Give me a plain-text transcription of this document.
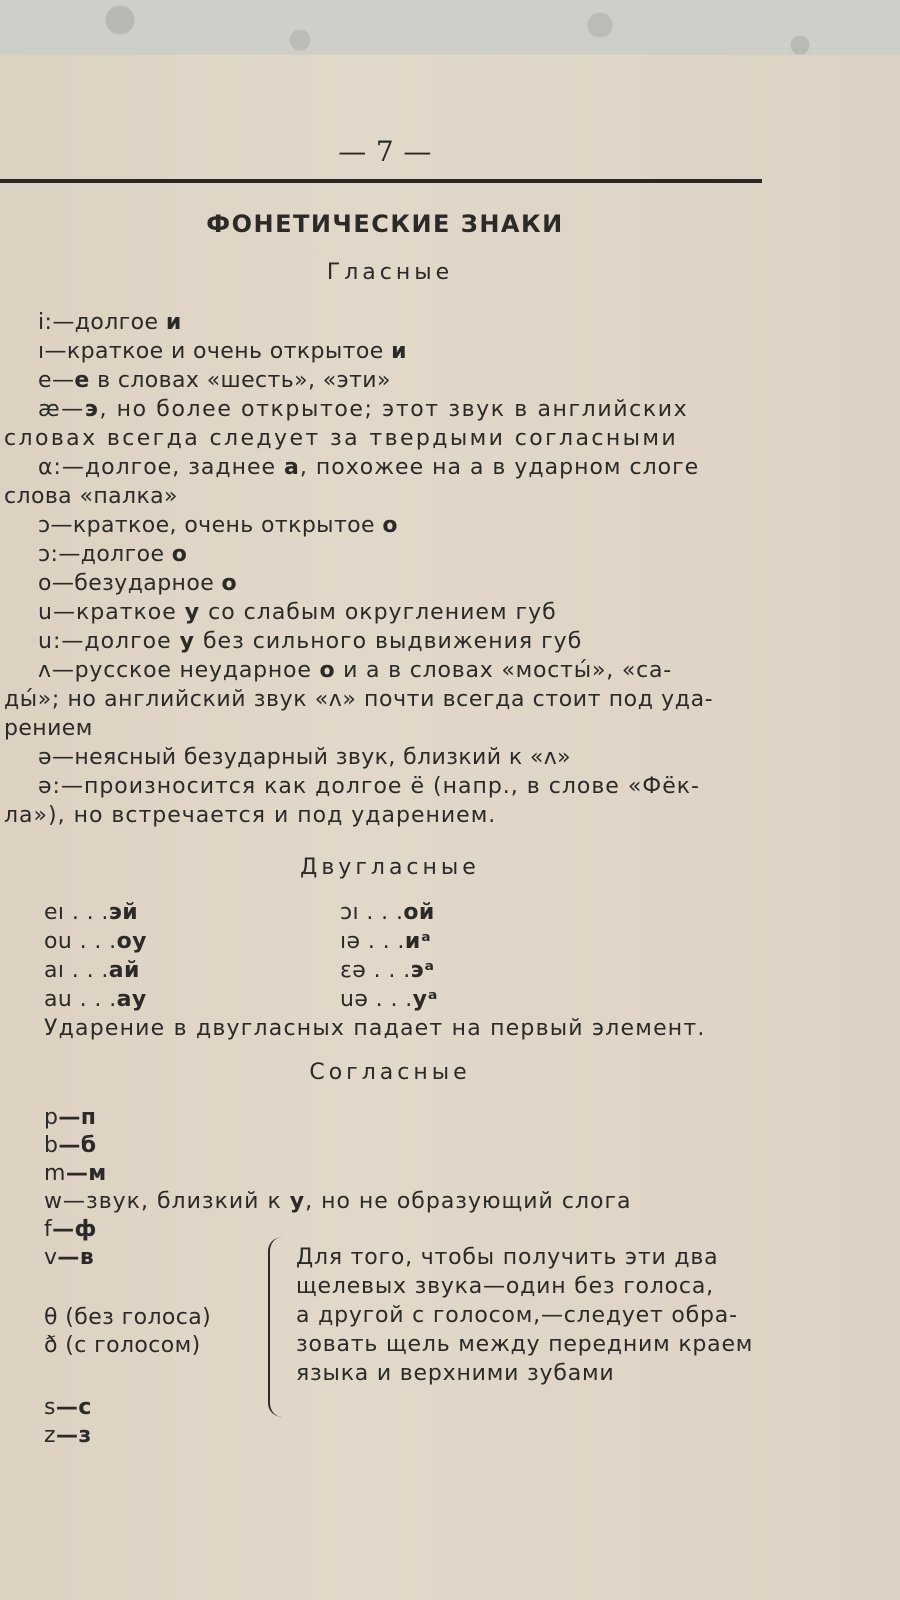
— 7 —
ФОНЕТИЧЕСКИЕ ЗНАКИ
Гласные
i:—долгое и
ı—краткое и очень открытое и
e—е в словах «шесть», «эти»
æ—э, но более открытое; этот звук в английских
словах всегда следует за твердыми согласными
α:—долгое, заднее а, похожее на а в ударном слоге
слова «палка»
ɔ—краткое, очень открытое о
ɔ:—долгое о
o—безударное о
u—краткое у со слабым округлением губ
u:—долгое у без сильного выдвижения губ
ʌ—русское неударное о и а в словах «мосты́», «са-
ды́»; но английский звук «ʌ» почти всегда стоит под уда-
рением
ə—неясный безударный звук, близкий к «ʌ»
ə:—произносится как долгое ё (напр., в слове «Фёк-
ла»), но встречается и под ударением.
Двугласные
eı . . .эй
ou . . .оу
aı . . .ай
au . . .ау
ɔı . . .ой
ıə . . .иᵃ
εə . . .эᵃ
uə . . .уᵃ
Ударение в двугласных падает на первый элемент.
Согласные
p—п
b—б
m—м
w—звук, близкий к у, но не образующий слога
f—ф
v—в
θ (без голоса)
ð (с голосом)
Для того, чтобы получить эти два
щелевых звука—один без голоса,
а другой с голосом,—следует обра-
зовать щель между передним краем
языка и верхними зубами
s—с
z—з
